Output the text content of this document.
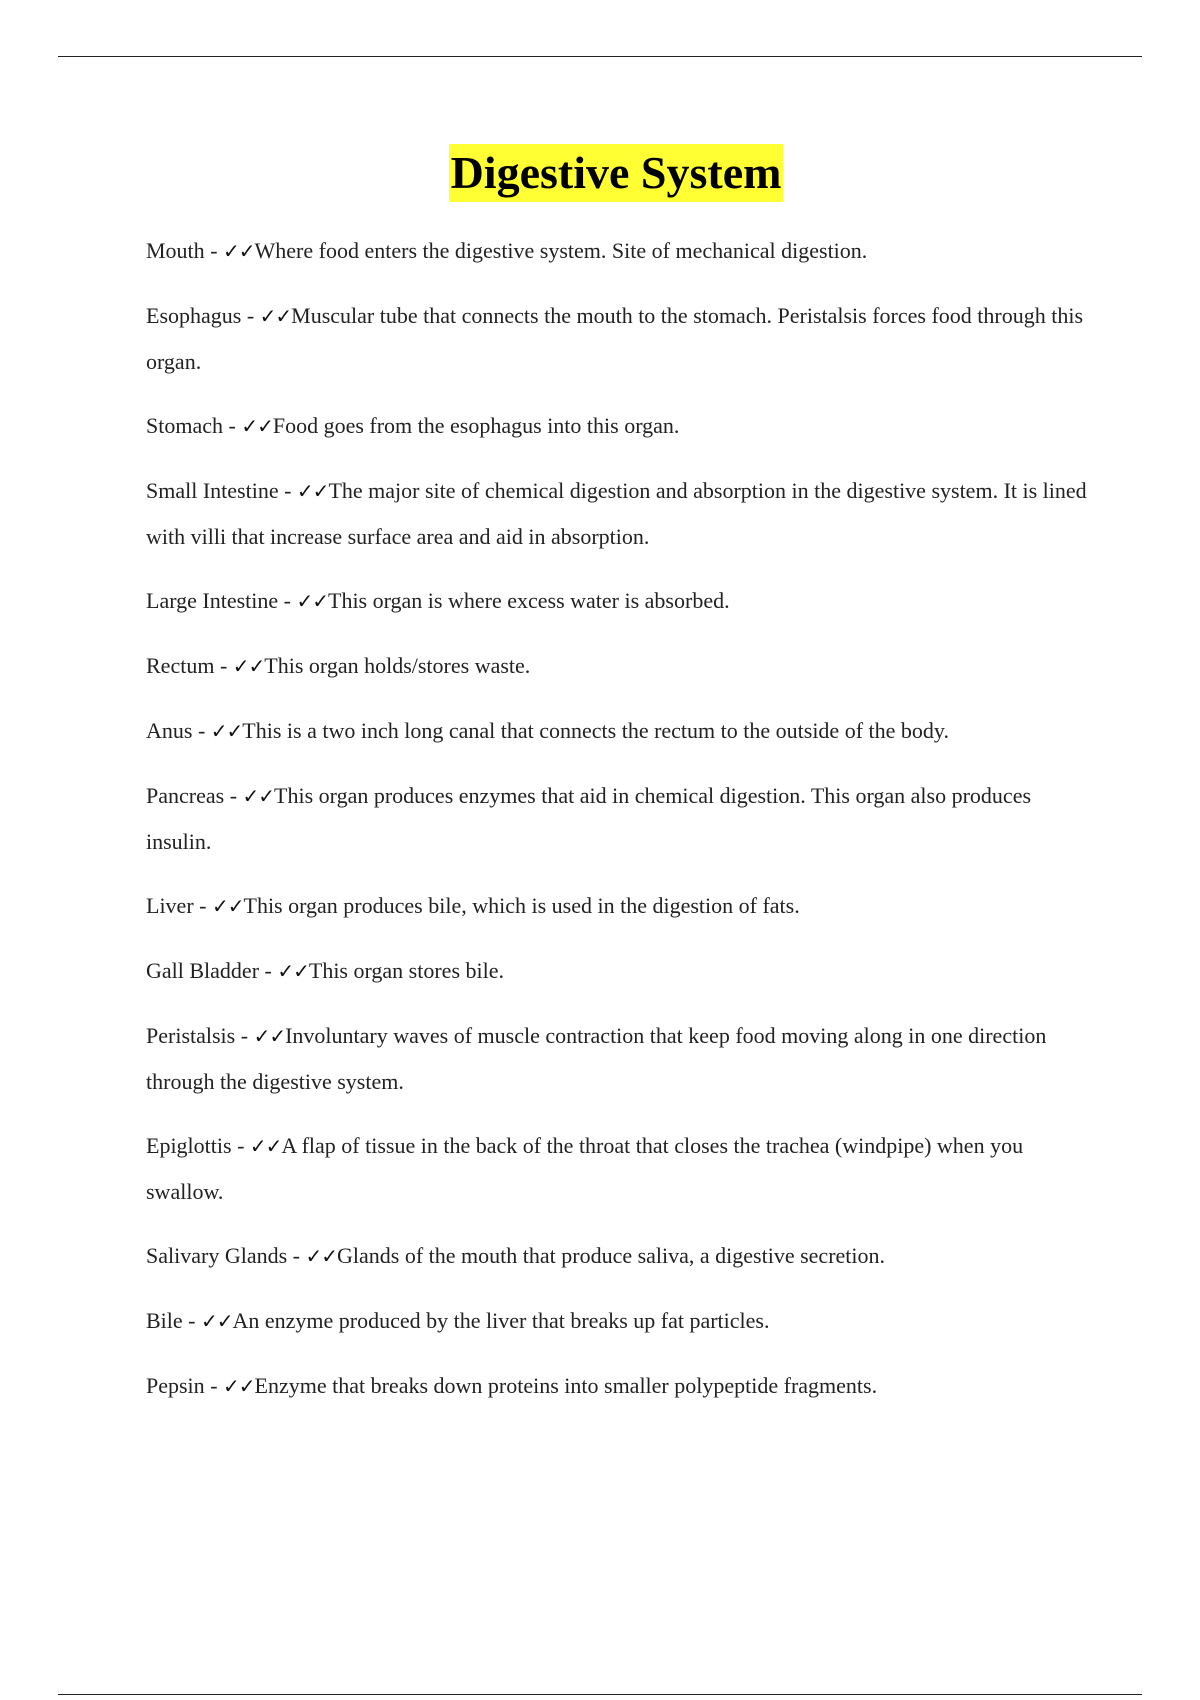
Digestive System
Mouth - ✓✓Where food enters the digestive system. Site of mechanical digestion.
Esophagus - ✓✓Muscular tube that connects the mouth to the stomach. Peristalsis forces food through this organ.
Stomach - ✓✓Food goes from the esophagus into this organ.
Small Intestine - ✓✓The major site of chemical digestion and absorption in the digestive system. It is lined with villi that increase surface area and aid in absorption.
Large Intestine - ✓✓This organ is where excess water is absorbed.
Rectum - ✓✓This organ holds/stores waste.
Anus - ✓✓This is a two inch long canal that connects the rectum to the outside of the body.
Pancreas - ✓✓This organ produces enzymes that aid in chemical digestion. This organ also produces insulin.
Liver - ✓✓This organ produces bile, which is used in the digestion of fats.
Gall Bladder - ✓✓This organ stores bile.
Peristalsis - ✓✓Involuntary waves of muscle contraction that keep food moving along in one direction through the digestive system.
Epiglottis - ✓✓A flap of tissue in the back of the throat that closes the trachea (windpipe) when you swallow.
Salivary Glands - ✓✓Glands of the mouth that produce saliva, a digestive secretion.
Bile - ✓✓An enzyme produced by the liver that breaks up fat particles.
Pepsin - ✓✓Enzyme that breaks down proteins into smaller polypeptide fragments.
